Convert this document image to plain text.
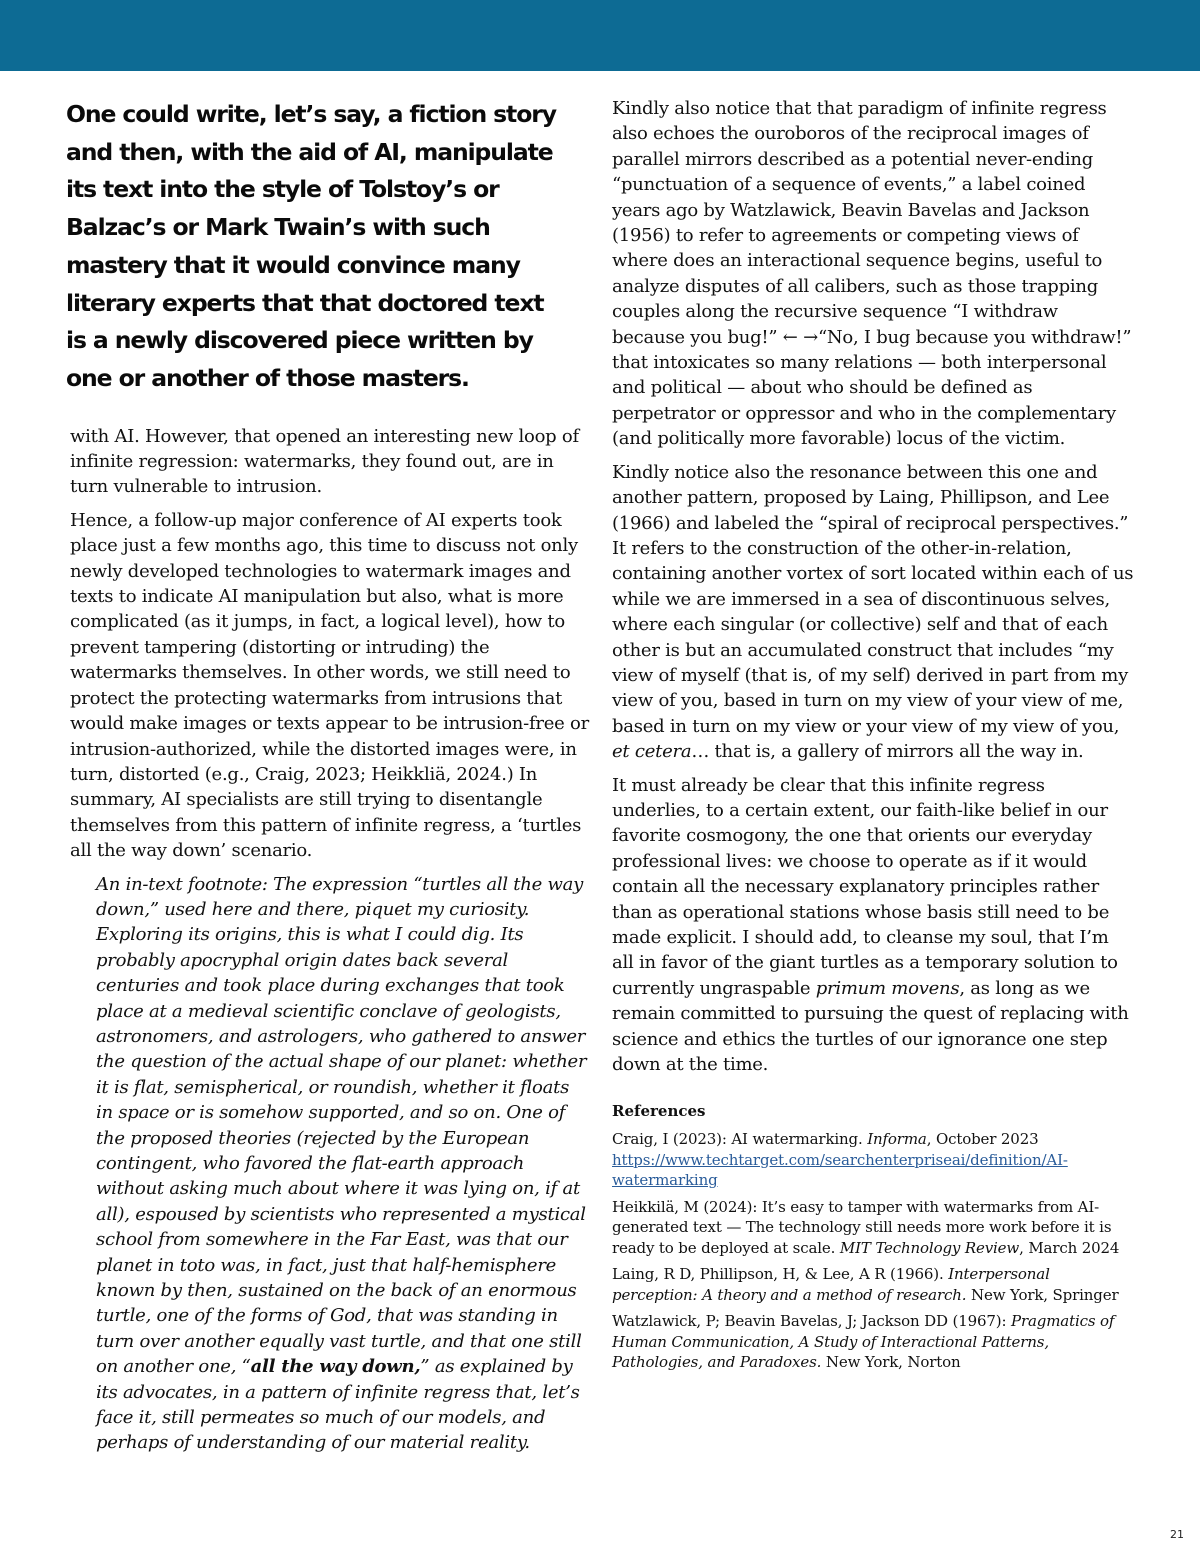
One could write, let’s say, a fiction story and then, with the aid of AI, manipulate its text into the style of Tolstoy’s or Balzac’s or Mark Twain’s with such mastery that it would convince many literary experts that that doctored text is a newly discovered piece written by one or another of those masters.

with AI. However, that opened an interesting new loop of infinite regression: watermarks, they found out, are in turn vulnerable to intrusion.

Hence, a follow-up major conference of AI experts took place just a few months ago, this time to discuss not only newly developed technologies to watermark images and texts to indicate AI manipulation but also, what is more complicated (as it jumps, in fact, a logical level), how to prevent tampering (distorting or intruding) the watermarks themselves. In other words, we still need to protect the protecting watermarks from intrusions that would make images or texts appear to be intrusion-free or intrusion-authorized, while the distorted images were, in turn, distorted (e.g., Craig, 2023; Heikkliä, 2024.) In summary, AI specialists are still trying to disentangle themselves from this pattern of infinite regress, a ‘turtles all the way down’ scenario.

An in-text footnote: The expression “turtles all the way down,” used here and there, piquet my curiosity. Exploring its origins, this is what I could dig. Its probably apocryphal origin dates back several centuries and took place during exchanges that took place at a medieval scientific conclave of geologists, astronomers, and astrologers, who gathered to answer the question of the actual shape of our planet: whether it is flat, semispherical, or roundish, whether it floats in space or is somehow supported, and so on. One of the proposed theories (rejected by the European contingent, who favored the flat-earth approach without asking much about where it was lying on, if at all), espoused by scientists who represented a mystical school from somewhere in the Far East, was that our planet in toto was, in fact, just that half-hemisphere known by then, sustained on the back of an enormous turtle, one of the forms of God, that was standing in turn over another equally vast turtle, and that one still on another one, “all the way down,” as explained by its advocates, in a pattern of infinite regress that, let’s face it, still permeates so much of our models, and perhaps of understanding of our material reality.

Kindly also notice that that paradigm of infinite regress also echoes the ouroboros of the reciprocal images of parallel mirrors described as a potential never-ending “punctuation of a sequence of events,” a label coined years ago by Watzlawick, Beavin Bavelas and Jackson (1956) to refer to agreements or competing views of where does an interactional sequence begins, useful to analyze disputes of all calibers, such as those trapping couples along the recursive sequence “I withdraw because you bug!” ← →“No, I bug because you withdraw!” that intoxicates so many relations — both interpersonal and political — about who should be defined as perpetrator or oppressor and who in the complementary (and politically more favorable) locus of the victim.

Kindly notice also the resonance between this one and another pattern, proposed by Laing, Phillipson, and Lee (1966) and labeled the “spiral of reciprocal perspectives.” It refers to the construction of the other-in-relation, containing another vortex of sort located within each of us while we are immersed in a sea of discontinuous selves, where each singular (or collective) self and that of each other is but an accumulated construct that includes “my view of myself (that is, of my self) derived in part from my view of you, based in turn on my view of your view of me, based in turn on my view or your view of my view of you, et cetera… that is, a gallery of mirrors all the way in.

It must already be clear that this infinite regress underlies, to a certain extent, our faith-like belief in our favorite cosmogony, the one that orients our everyday professional lives: we choose to operate as if it would contain all the necessary explanatory principles rather than as operational stations whose basis still need to be made explicit. I should add, to cleanse my soul, that I’m all in favor of the giant turtles as a temporary solution to currently ungraspable primum movens, as long as we remain committed to pursuing the quest of replacing with science and ethics the turtles of our ignorance one step down at the time.

References

Craig, I (2023): AI watermarking. Informa, October 2023
https://www.techtarget.com/searchenterpriseai/definition/AI-watermarking

Heikkilä, M (2024): It’s easy to tamper with watermarks from AI-generated text — The technology still needs more work before it is ready to be deployed at scale. MIT Technology Review, March 2024

Laing, R D, Phillipson, H, & Lee, A R (1966). Interpersonal perception: A theory and a method of research. New York, Springer

Watzlawick, P; Beavin Bavelas, J; Jackson DD (1967): Pragmatics of Human Communication, A Study of Interactional Patterns, Pathologies, and Paradoxes. New York, Norton

21
